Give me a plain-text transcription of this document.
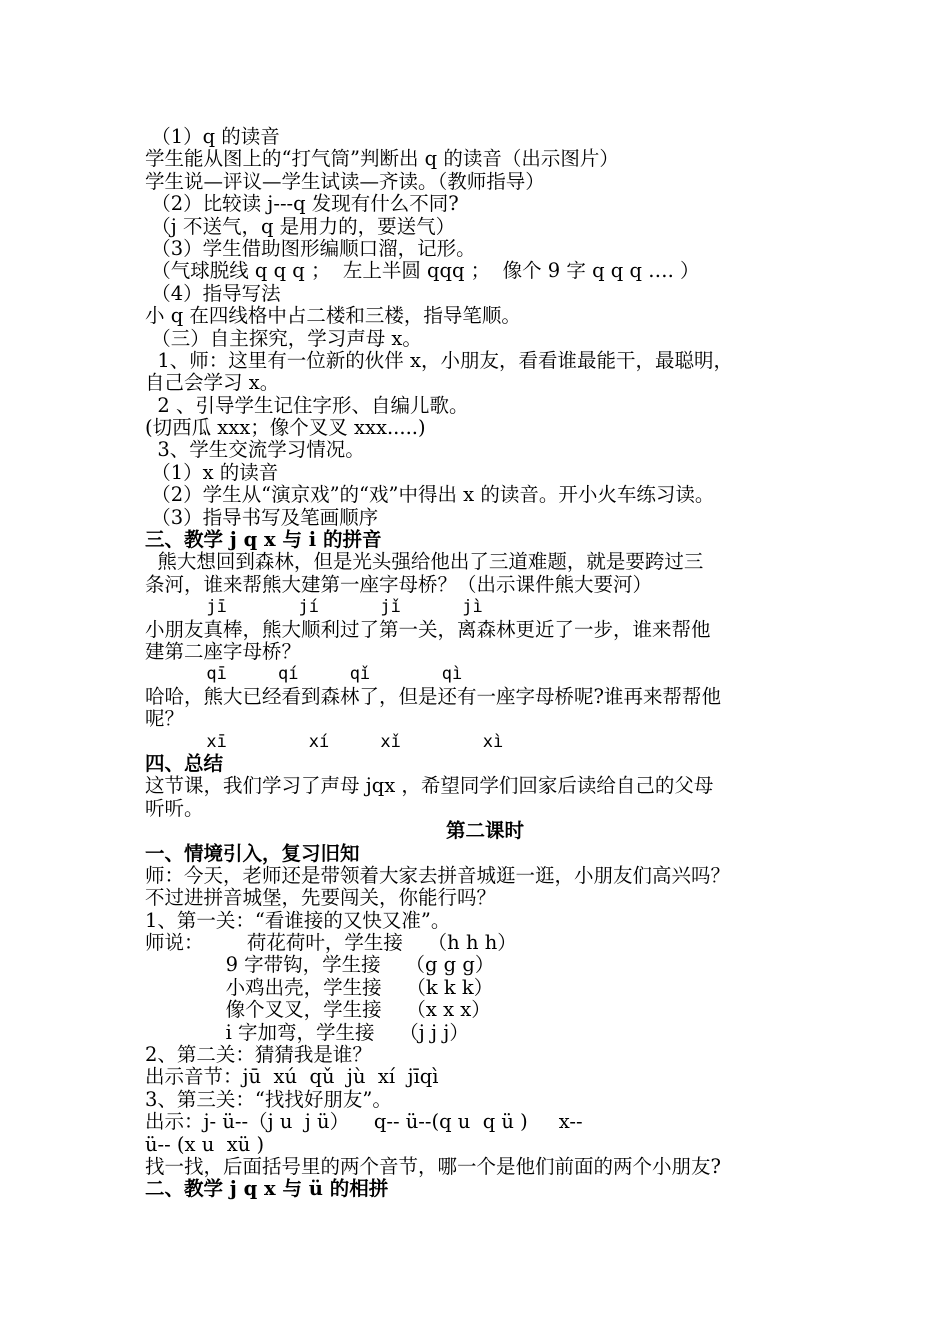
（1）q 的读音
学生能从图上的“打气筒”判断出 q 的读音（出示图片）
学生说—评议—学生试读—齐读。（教师指导）
（2）比较读 j---q 发现有什么不同?
（j 不送气，q 是用力的，要送气）
（3）学生借助图形编顺口溜，记形。
（气球脱线 q q q ；  左上半圆 qqq ；  像个 9 字 q q q …. ）
（4）指导写法
小 q 在四线格中占二楼和三楼，指导笔顺。
（三）自主探究，学习声母 x。
1、师：这里有一位新的伙伴 x，小朋友，看看谁最能干，最聪明，
自己会学习 x。
2 、引导学生记住字形、自编儿歌。
(切西瓜 xxx；像个叉叉 xxx.....)
3、学生交流学习情况。
（1）x 的读音
（2）学生从“演京戏”的“戏”中得出 x 的读音。开小火车练习读。
（3）指导书写及笔画顺序
三、教学 j q x 与 i 的拼音
熊大想回到森林，但是光头强给他出了三道难题，就是要跨过三
条河，谁来帮熊大建第一座字母桥？（出示课件熊大要河）
jī       jí      jǐ      jì
小朋友真棒，熊大顺利过了第一关，离森林更近了一步，谁来帮他
建第二座字母桥？
qī     qí     qǐ       qì
哈哈，熊大已经看到森林了，但是还有一座字母桥呢?谁再来帮帮他
呢？
xī        xí     xǐ        xì
四、总结
这节课，我们学习了声母 jqx ，希望同学们回家后读给自己的父母
听听。
第二课时
一、情境引入，复习旧知
师：今天，老师还是带领着大家去拼音城逛一逛，小朋友们高兴吗？
不过进拼音城堡，先要闯关，你能行吗？
1、第一关：“看谁接的又快又准”。
师说：       荷花荷叶，学生接    （h h h）
9 字带钩，学生接    （g g g）
小鸡出壳，学生接    （k k k）
像个叉叉，学生接    （x x x）
i 字加弯，学生接    （j j j）
2、第二关：猜猜我是谁？
出示音节：jū  xú  qǔ  jù  xí  jīqì
3、第三关：“找找好朋友”。
出示：j- ü--（j u  j ü）    q-- ü--(q u  q ü )     x--
ü-- (x u  xü )
找一找，后面括号里的两个音节，哪一个是他们前面的两个小朋友?
二、教学 j q x 与 ü 的相拼
